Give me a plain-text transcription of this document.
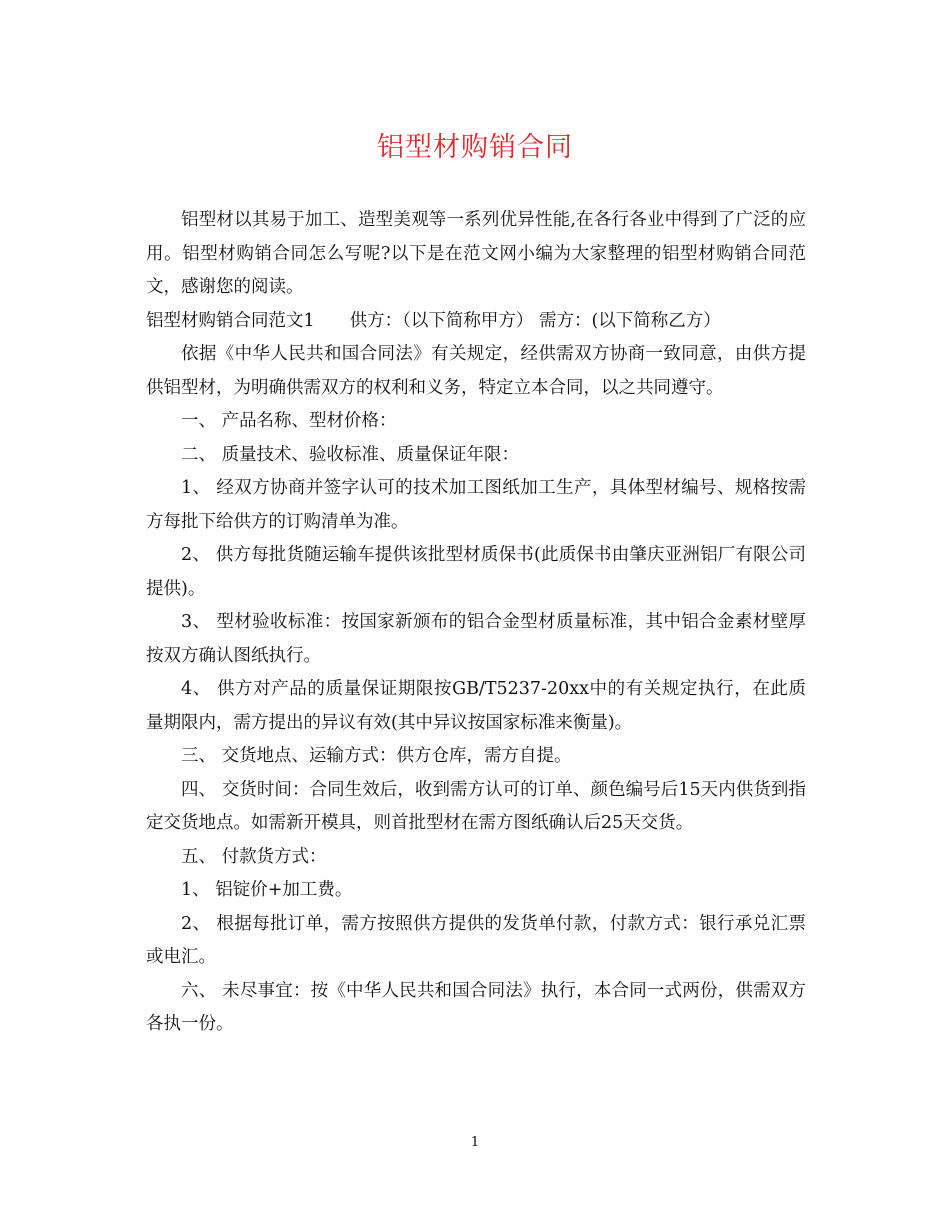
铝型材购销合同

铝型材以其易于加工、造型美观等一系列优异性能,在各行各业中得到了广泛的应用。铝型材购销合同怎么写呢?以下是在范文网小编为大家整理的铝型材购销合同范文，感谢您的阅读。

铝型材购销合同范文1　　供方：（以下简称甲方） 需方：(以下简称乙方）

依据《中华人民共和国合同法》有关规定，经供需双方协商一致同意，由供方提供铝型材，为明确供需双方的权利和义务，特定立本合同，以之共同遵守。

一、 产品名称、型材价格：

二、 质量技术、验收标准、质量保证年限：

1、 经双方协商并签字认可的技术加工图纸加工生产，具体型材编号、规格按需方每批下给供方的订购清单为准。

2、 供方每批货随运输车提供该批型材质保书(此质保书由肇庆亚洲铝厂有限公司提供)。

3、 型材验收标准：按国家新颁布的铝合金型材质量标准，其中铝合金素材壁厚按双方确认图纸执行。

4、 供方对产品的质量保证期限按GB/T5237-20xx中的有关规定执行，在此质量期限内，需方提出的异议有效(其中异议按国家标准来衡量)。

三、 交货地点、运输方式：供方仓库，需方自提。

四、 交货时间：合同生效后，收到需方认可的订单、颜色编号后15天内供货到指定交货地点。如需新开模具，则首批型材在需方图纸确认后25天交货。

五、 付款货方式：

1、 铝锭价+加工费。

2、 根据每批订单，需方按照供方提供的发货单付款，付款方式：银行承兑汇票或电汇。

六、 未尽事宜：按《中华人民共和国合同法》执行，本合同一式两份，供需双方各执一份。

1
